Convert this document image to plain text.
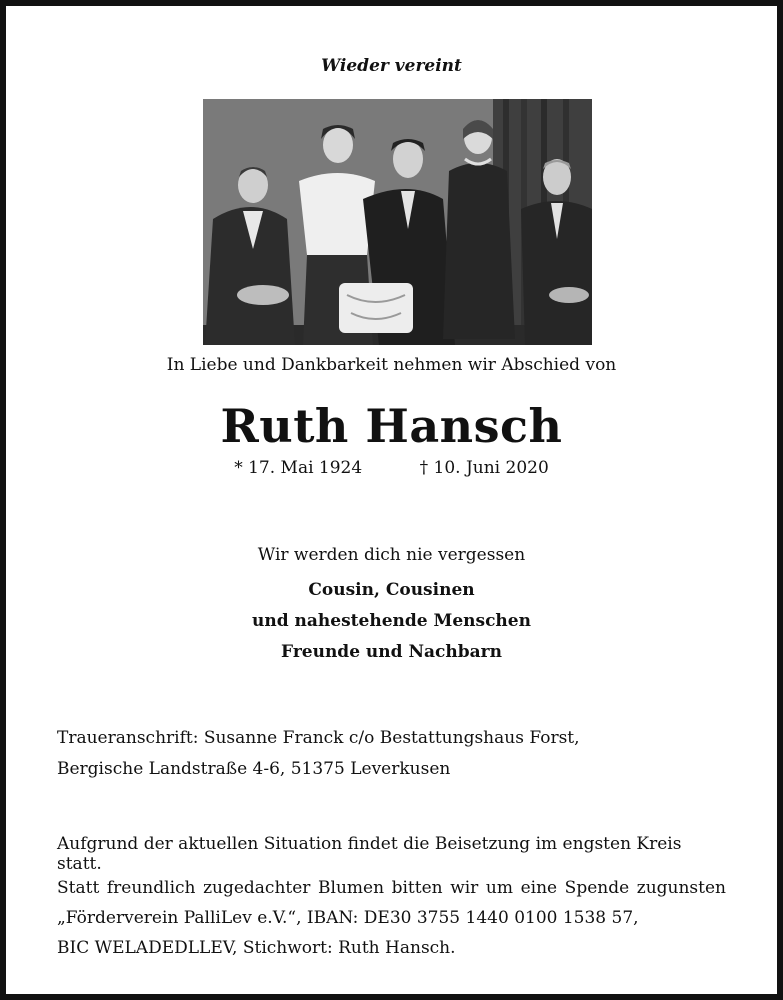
Wieder vereint
In Liebe und Dankbarkeit nehmen wir Abschied von
Ruth Hansch
* 17. Mai 1924	† 10. Juni 2020
Wir werden dich nie vergessen
Cousin, Cousinen
und nahestehende Menschen
Freunde und Nachbarn
Traueranschrift: Susanne Franck c/o Bestattungshaus Forst,
Bergische Landstraße 4-6, 51375 Leverkusen
Aufgrund der aktuellen Situation findet die Beisetzung im engsten Kreis statt.
Statt freundlich zugedachter Blumen bitten wir um eine Spende zugunsten
„Förderverein PalliLev e.V.“, IBAN: DE30 3755 1440 0100 1538 57,
BIC WELADEDLLEV, Stichwort: Ruth Hansch.
